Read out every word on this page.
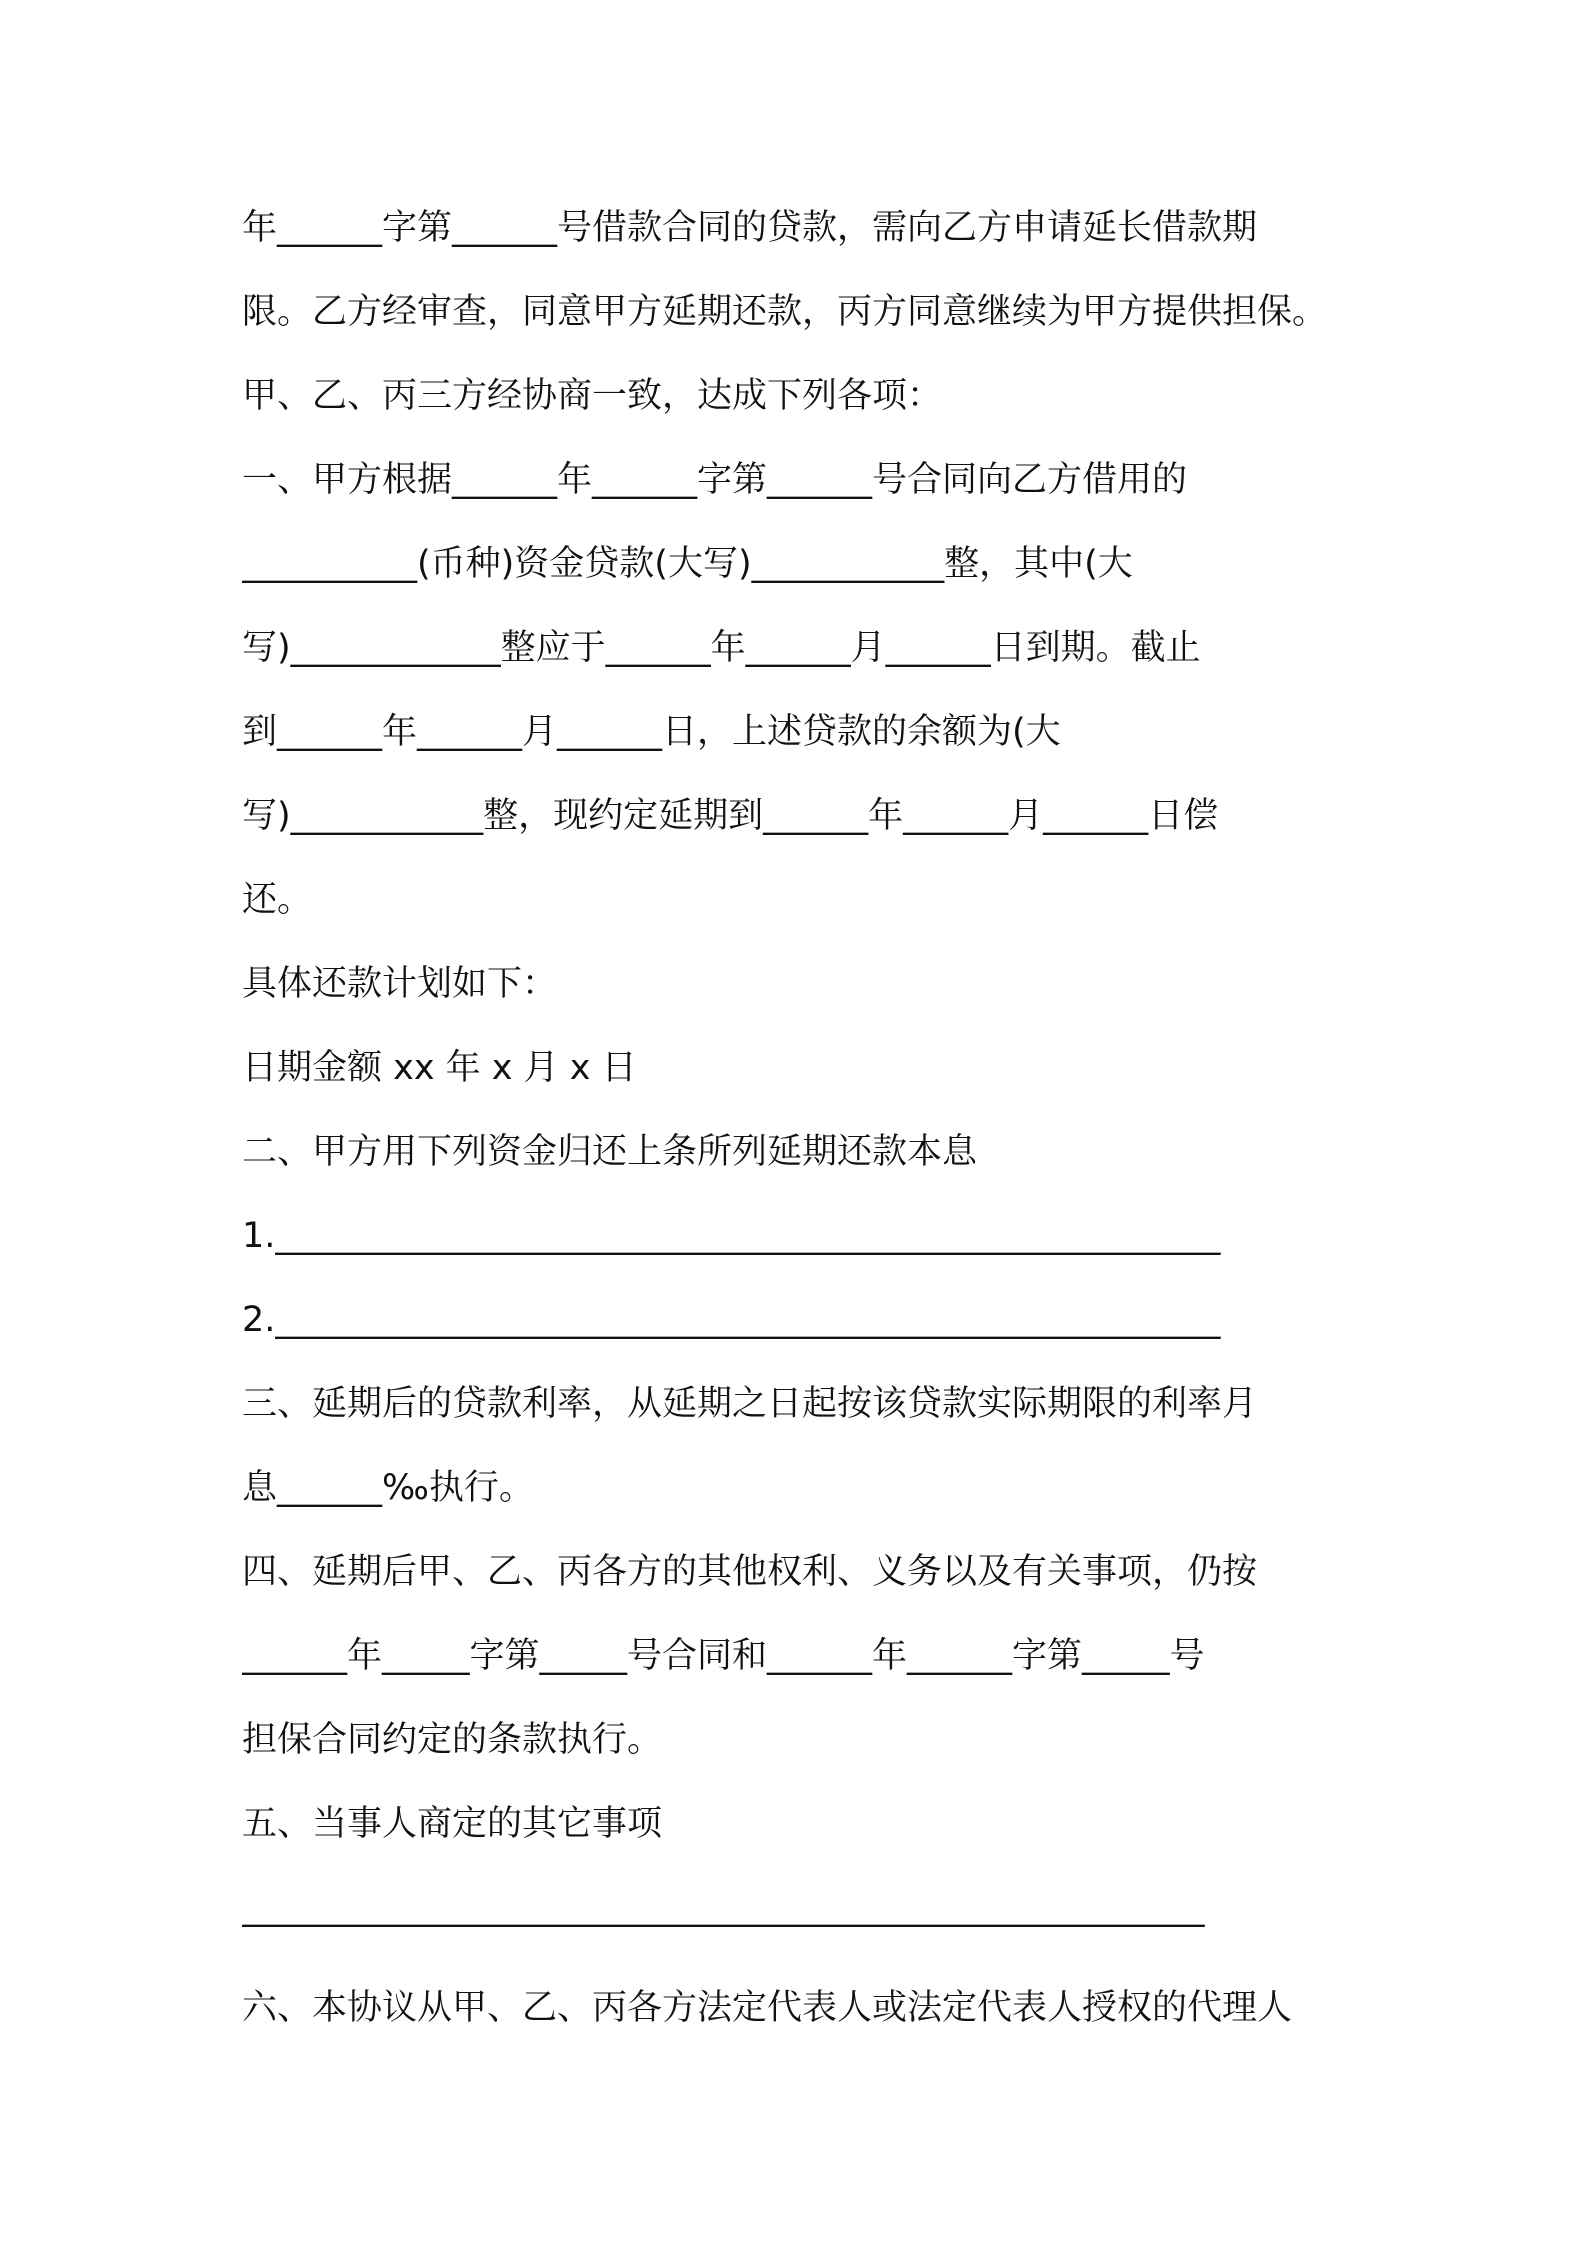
年______字第______号借款合同的贷款，需向乙方申请延长借款期
限。乙方经审查，同意甲方延期还款，丙方同意继续为甲方提供担保。
甲、乙、丙三方经协商一致，达成下列各项：
一、甲方根据______年______字第______号合同向乙方借用的
__________(币种)资金贷款(大写)___________整，其中(大
写)____________整应于______年______月______日到期。截止
到______年______月______日，上述贷款的余额为(大
写)___________整，现约定延期到______年______月______日偿
还。
具体还款计划如下：
日期金额 xx 年 x 月 x 日
二、甲方用下列资金归还上条所列延期还款本息
1.______________________________________________________
2.______________________________________________________
三、延期后的贷款利率，从延期之日起按该贷款实际期限的利率月
息______‰执行。
四、延期后甲、乙、丙各方的其他权利、义务以及有关事项，仍按
______年_____字第_____号合同和______年______字第_____号
担保合同约定的条款执行。
五、当事人商定的其它事项
_______________________________________________________
六、本协议从甲、乙、丙各方法定代表人或法定代表人授权的代理人
